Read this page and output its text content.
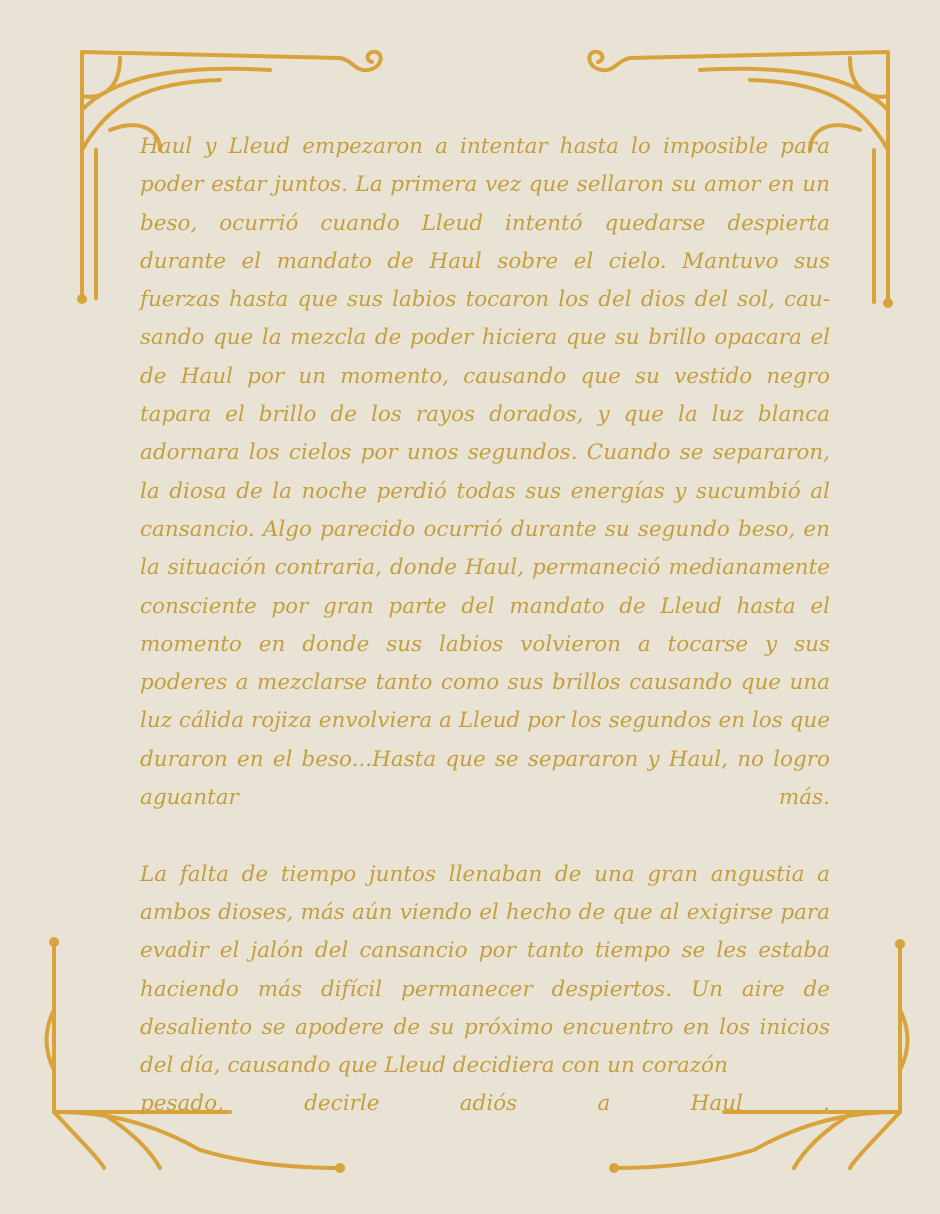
Haul y Lleud empezaron a intentar hasta lo imposible para poder estar juntos. La primera vez que sellaron su amor en un beso, ocurrió cuando Lleud intentó quedarse despierta durante el mandato de Haul sobre el cielo. Mantuvo sus fuerzas hasta que sus labios tocaron los del dios del sol, causando que la mezcla de poder hiciera que su brillo opacara el de Haul por un momento, causando que su vestido negro tapara el brillo de los rayos dorados, y que la luz blanca adornara los cielos por unos segundos. Cuando se separaron, la diosa de la noche perdió todas sus energías y sucumbió al cansancio. Algo parecido ocurrió durante su segundo beso, en la situación contraria, donde Haul, permaneció medianamente consciente por gran parte del mandato de Lleud hasta el momento en donde sus labios volvieron a tocarse y sus poderes a mezclarse tanto como sus brillos causando que una luz cálida rojiza envolviera a Lleud por los segundos en los que duraron en el beso...Hasta que se separaron y Haul, no logro aguantar más.

La falta de tiempo juntos llenaban de una gran angustia a ambos dioses, más aún viendo el hecho de que al exigirse para evadir el jalón del cansancio por tanto tiempo se les estaba haciendo más difícil permanecer despiertos. Un aire de desaliento se apodere de su próximo encuentro en los inicios del día, causando que Lleud decidiera con un corazón
pesado, decirle adiós a Haul .
